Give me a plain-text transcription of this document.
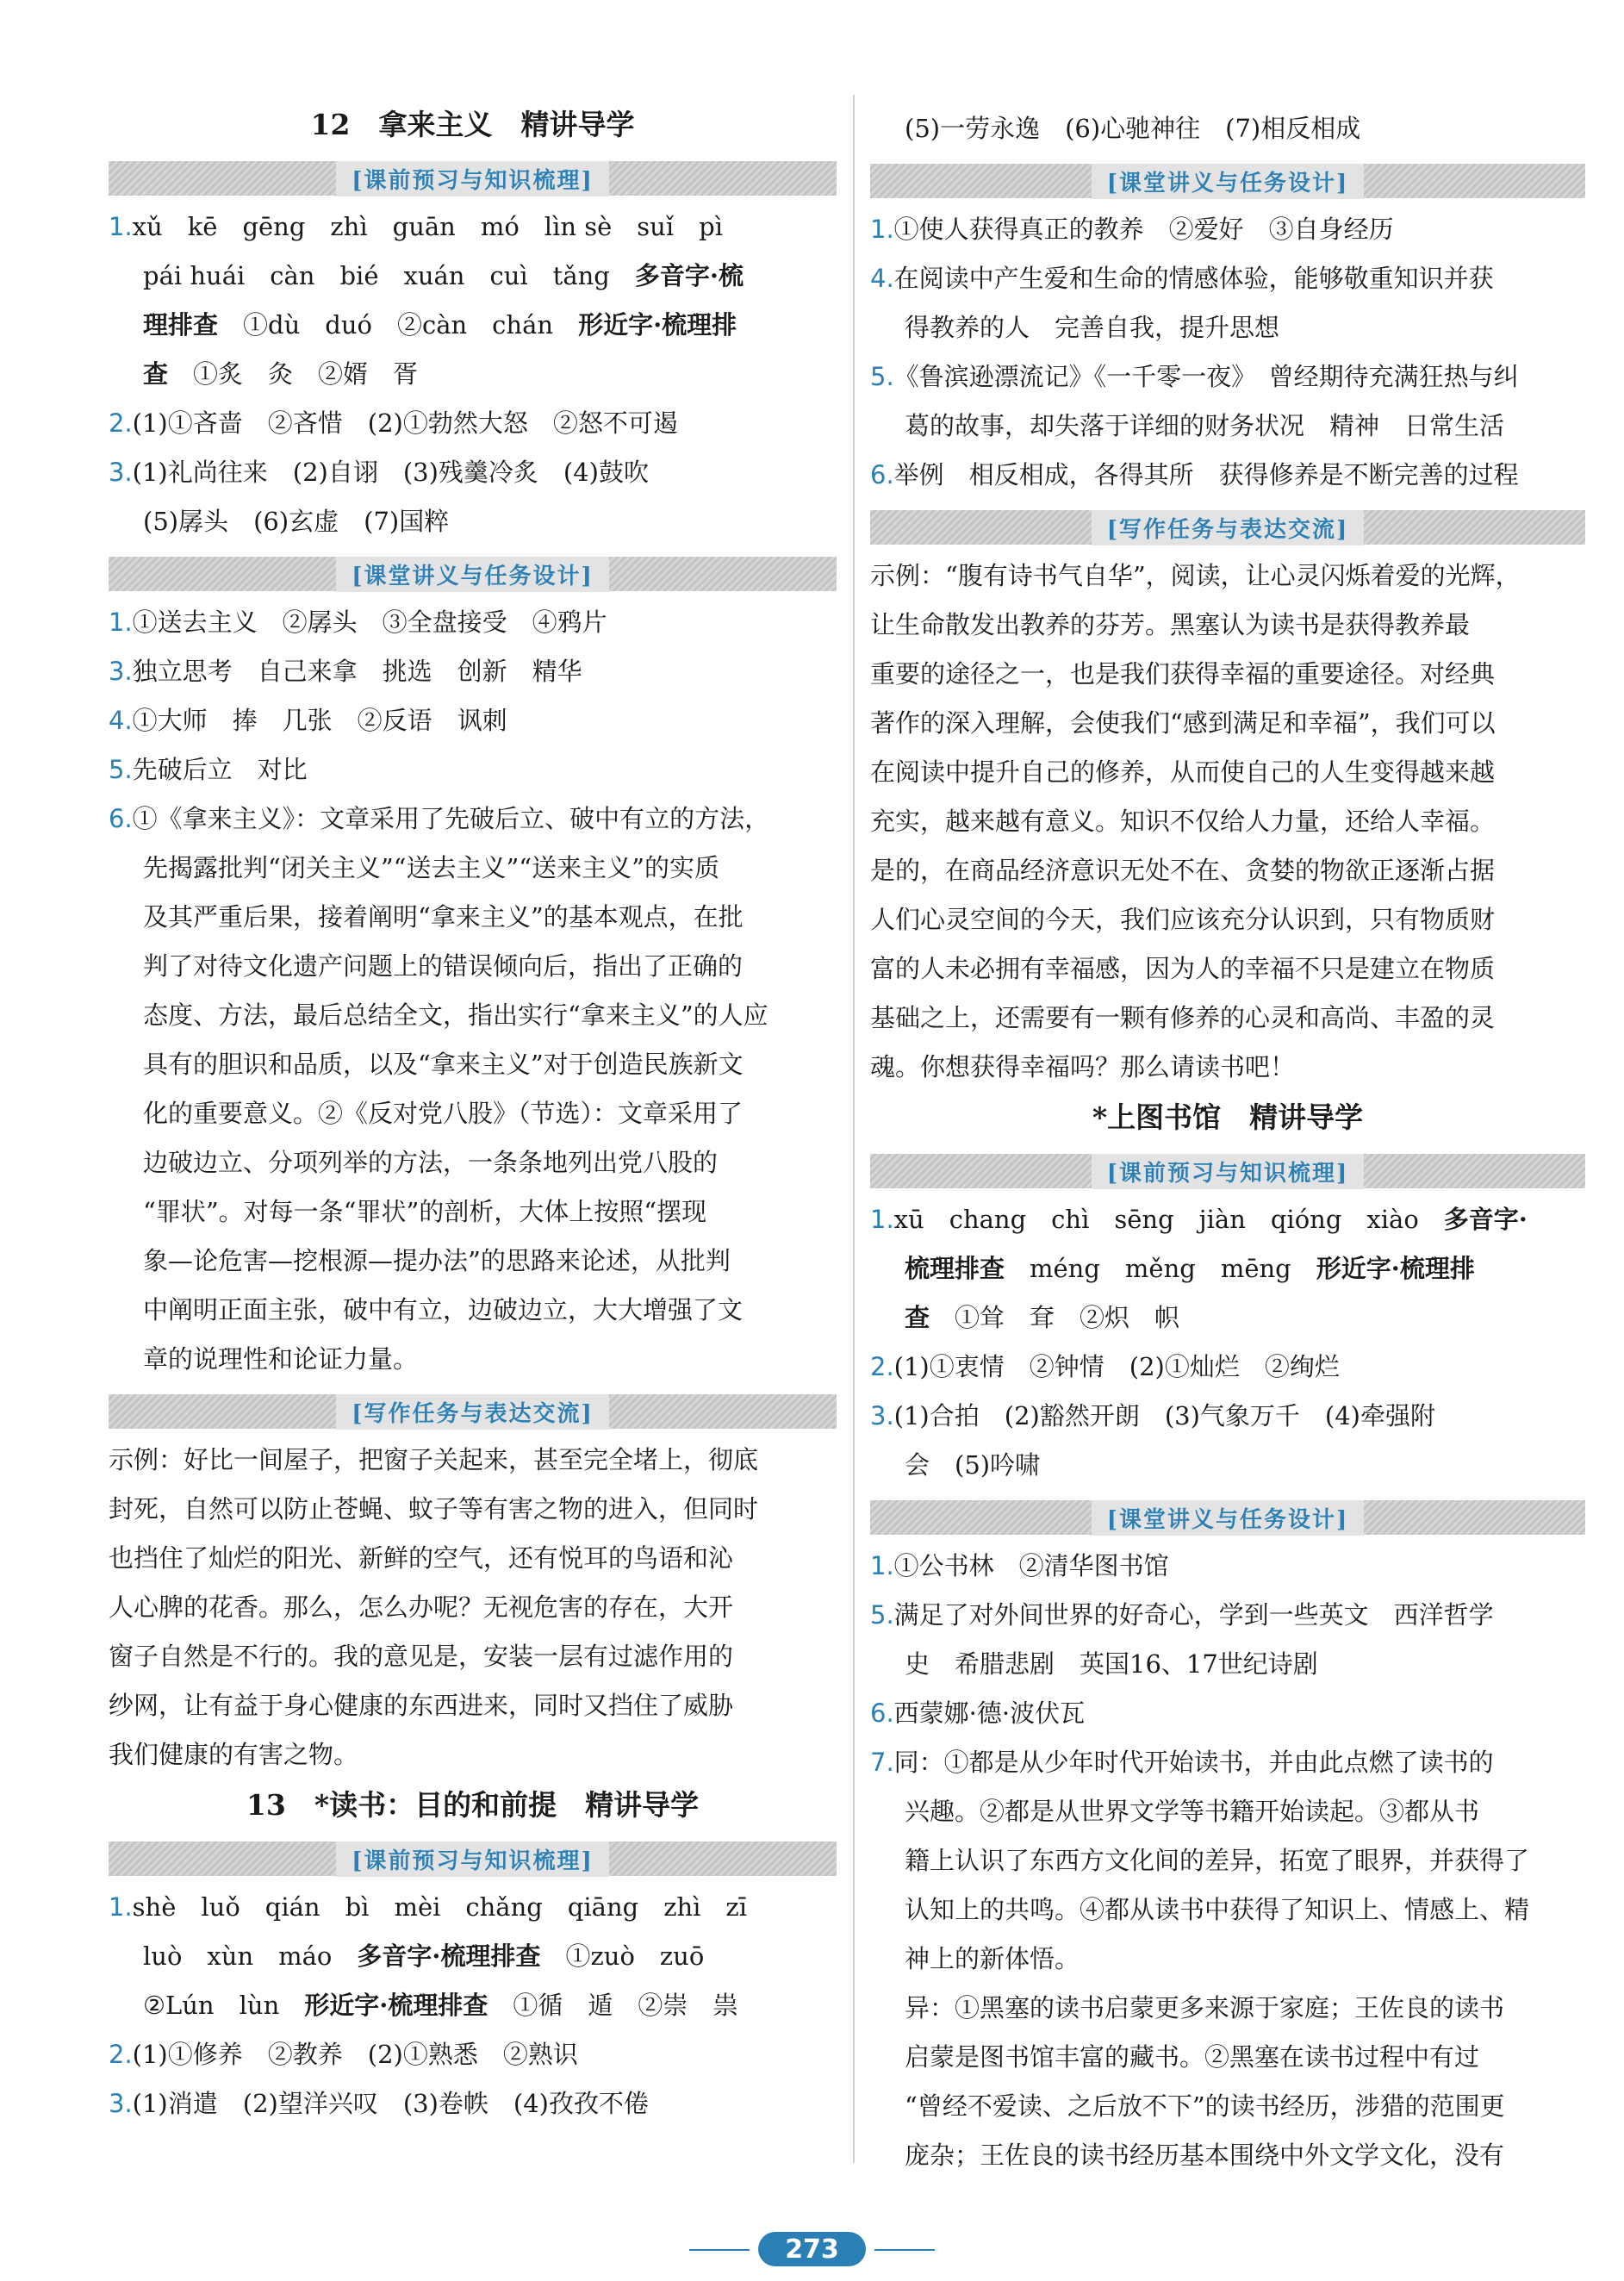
12　拿来主义　精讲导学

[课前预习与知识梳理]

1.xǔ　kē　gēng　zhì　guān　mó　lìn sè　suǐ　pì

pái huái　càn　bié　xuán　cuì　tǎng　多音字·梳

理排查　①dù　duó　②càn　chán　形近字·梳理排

查　①炙　灸　②婿　胥

2.(1)①吝啬　②吝惜　(2)①勃然大怒　②怒不可遏

3.(1)礼尚往来　(2)自诩　(3)残羹冷炙　(4)鼓吹

(5)孱头　(6)玄虚　(7)国粹

[课堂讲义与任务设计]

1.①送去主义　②孱头　③全盘接受　④鸦片

3.独立思考　自己来拿　挑选　创新　精华

4.①大师　捧　几张　②反语　讽刺

5.先破后立　对比

6.①《拿来主义》：文章采用了先破后立、破中有立的方法，

先揭露批判“闭关主义”“送去主义”“送来主义”的实质

及其严重后果，接着阐明“拿来主义”的基本观点，在批

判了对待文化遗产问题上的错误倾向后，指出了正确的

态度、方法，最后总结全文，指出实行“拿来主义”的人应

具有的胆识和品质，以及“拿来主义”对于创造民族新文

化的重要意义。②《反对党八股》（节选）：文章采用了

边破边立、分项列举的方法，一条条地列出党八股的

“罪状”。对每一条“罪状”的剖析，大体上按照“摆现

象—论危害—挖根源—提办法”的思路来论述，从批判

中阐明正面主张，破中有立，边破边立，大大增强了文

章的说理性和论证力量。

[写作任务与表达交流]

示例：好比一间屋子，把窗子关起来，甚至完全堵上，彻底

封死，自然可以防止苍蝇、蚊子等有害之物的进入，但同时

也挡住了灿烂的阳光、新鲜的空气，还有悦耳的鸟语和沁

人心脾的花香。那么，怎么办呢？无视危害的存在，大开

窗子自然是不行的。我的意见是，安装一层有过滤作用的

纱网，让有益于身心健康的东西进来，同时又挡住了威胁

我们健康的有害之物。

13　*读书：目的和前提　精讲导学

[课前预习与知识梳理]

1.shè　luǒ　qián　bì　mèi　chǎng　qiāng　zhì　zī

luò　xùn　máo　多音字·梳理排查　①zuò　zuō

②Lún　lùn　形近字·梳理排查　①循　遁　②崇　祟

2.(1)①修养　②教养　(2)①熟悉　②熟识

3.(1)消遣　(2)望洋兴叹　(3)卷帙　(4)孜孜不倦

(5)一劳永逸　(6)心驰神往　(7)相反相成

[课堂讲义与任务设计]

1.①使人获得真正的教养　②爱好　③自身经历

4.在阅读中产生爱和生命的情感体验，能够敬重知识并获

得教养的人　完善自我，提升思想

5.《鲁滨逊漂流记》《一千零一夜》　曾经期待充满狂热与纠

葛的故事，却失落于详细的财务状况　精神　日常生活

6.举例　相反相成，各得其所　获得修养是不断完善的过程

[写作任务与表达交流]

示例：“腹有诗书气自华”，阅读，让心灵闪烁着爱的光辉，

让生命散发出教养的芬芳。黑塞认为读书是获得教养最

重要的途径之一，也是我们获得幸福的重要途径。对经典

著作的深入理解，会使我们“感到满足和幸福”，我们可以

在阅读中提升自己的修养，从而使自己的人生变得越来越

充实，越来越有意义。知识不仅给人力量，还给人幸福。

是的，在商品经济意识无处不在、贪婪的物欲正逐渐占据

人们心灵空间的今天，我们应该充分认识到，只有物质财

富的人未必拥有幸福感，因为人的幸福不只是建立在物质

基础之上，还需要有一颗有修养的心灵和高尚、丰盈的灵

魂。你想获得幸福吗？那么请读书吧！

*上图书馆　精讲导学

[课前预习与知识梳理]

1.xū　chang　chì　sēng　jiàn　qióng　xiào　多音字·

梳理排查　méng　měng　mēng　形近字·梳理排

查　①耸　耷　②炽　帜

2.(1)①衷情　②钟情　(2)①灿烂　②绚烂

3.(1)合拍　(2)豁然开朗　(3)气象万千　(4)牵强附

会　(5)吟啸

[课堂讲义与任务设计]

1.①公书林　②清华图书馆

5.满足了对外间世界的好奇心，学到一些英文　西洋哲学

史　希腊悲剧　英国16、17世纪诗剧

6.西蒙娜·德·波伏瓦

7.同：①都是从少年时代开始读书，并由此点燃了读书的

兴趣。②都是从世界文学等书籍开始读起。③都从书

籍上认识了东西方文化间的差异，拓宽了眼界，并获得了

认知上的共鸣。④都从读书中获得了知识上、情感上、精

神上的新体悟。

异：①黑塞的读书启蒙更多来源于家庭；王佐良的读书

启蒙是图书馆丰富的藏书。②黑塞在读书过程中有过

“曾经不爱读、之后放不下”的读书经历，涉猎的范围更

庞杂；王佐良的读书经历基本围绕中外文学文化，没有

273
